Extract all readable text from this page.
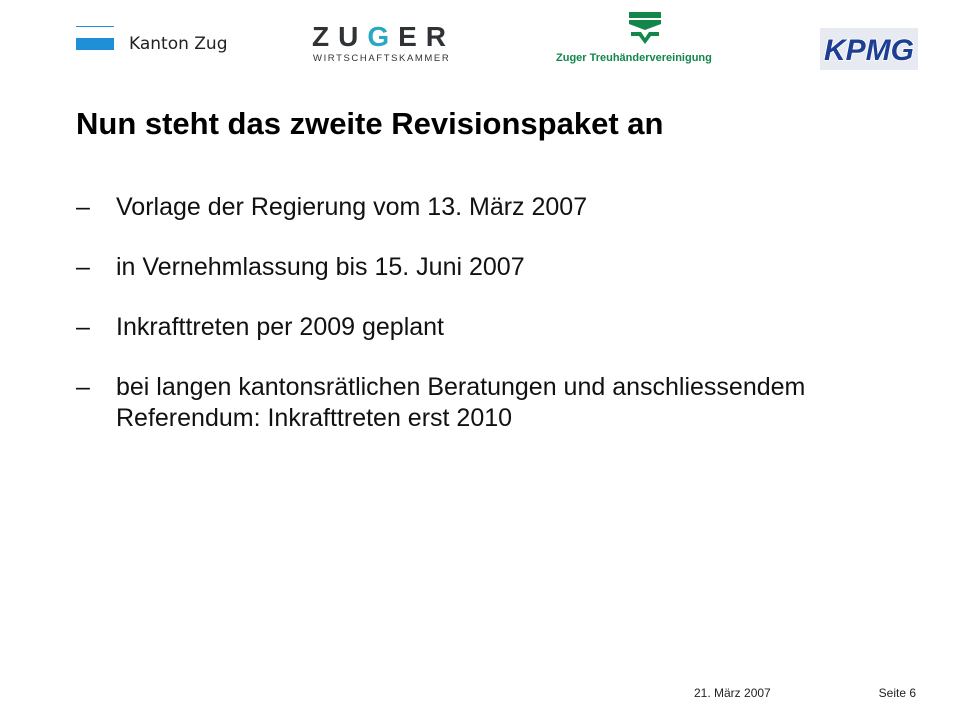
Kanton Zug	ZUGER
WIRTSCHAFTSKAMMER	Zuger Treuhändervereinigung	KPMG
Nun steht das zweite Revisionspaket an
– Vorlage der Regierung vom 13. März 2007
– in Vernehmlassung bis 15. Juni 2007
– Inkrafttreten per 2009 geplant
– bei langen kantonsrätlichen Beratungen und anschliessendem Referendum: Inkrafttreten erst 2010
21. März 2007	Seite 6
